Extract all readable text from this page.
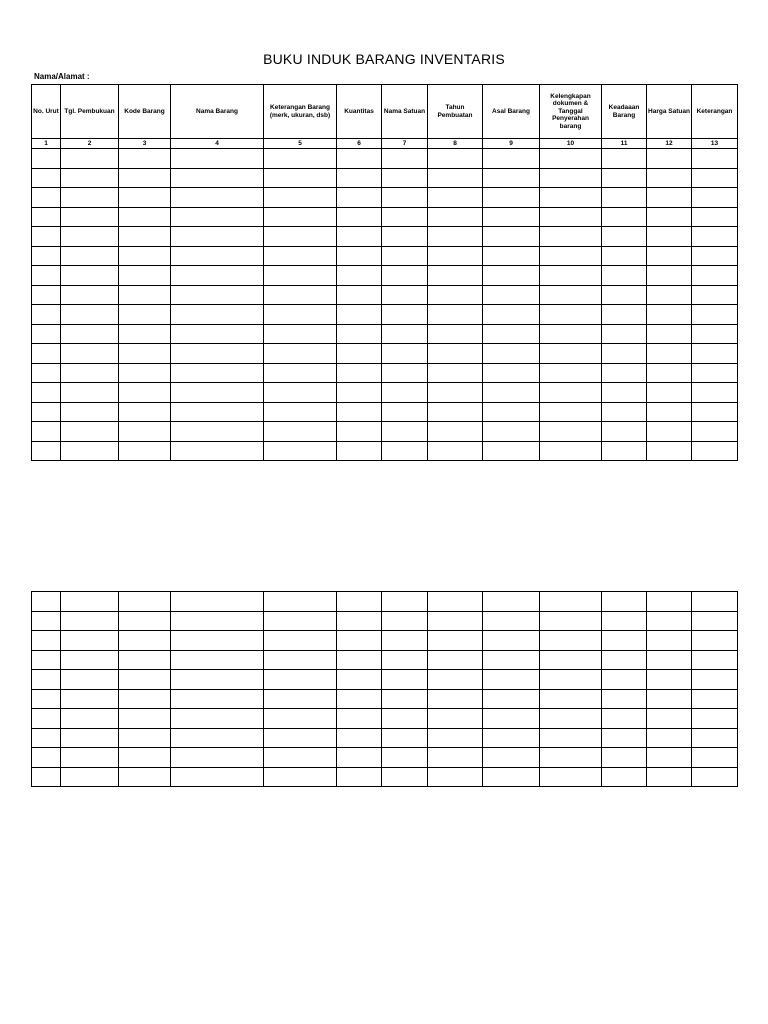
BUKU INDUK BARANG INVENTARIS
Nama/Alamat :
No. Urut	Tgl. Pembukuan	Kode Barang	Nama Barang	Keterangan Barang (merk, ukuran, dsb)	Kuantitas	Nama Satuan	Tahun Pembuatan	Asal Barang	Kelengkapan dokumen & Tanggal Penyerahan barang	Keadaaan Barang	Harga Satuan	Keterangan
1	2	3	4	5	6	7	8	9	10	11	12	13
